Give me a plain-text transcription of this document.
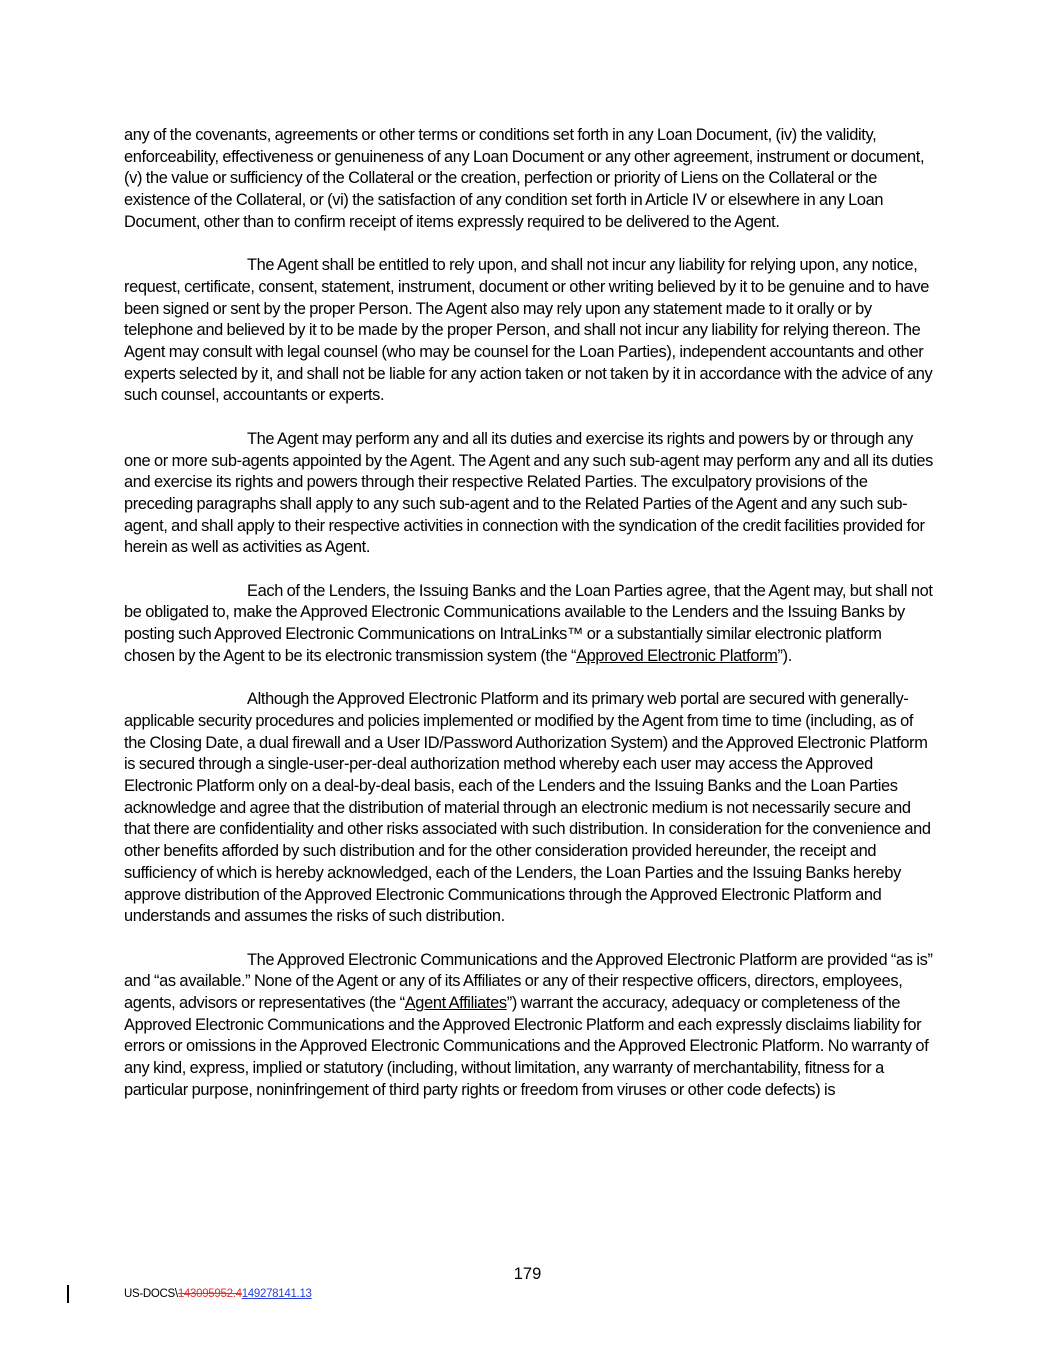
any of the covenants, agreements or other terms or conditions set forth in any Loan Document, (iv) the validity, enforceability, effectiveness or genuineness of any Loan Document or any other agreement, instrument or document, (v) the value or sufficiency of the Collateral or the creation, perfection or priority of Liens on the Collateral or the existence of the Collateral, or (vi) the satisfaction of any condition set forth in Article IV or elsewhere in any Loan Document, other than to confirm receipt of items expressly required to be delivered to the Agent.

The Agent shall be entitled to rely upon, and shall not incur any liability for relying upon, any notice, request, certificate, consent, statement, instrument, document or other writing believed by it to be genuine and to have been signed or sent by the proper Person. The Agent also may rely upon any statement made to it orally or by telephone and believed by it to be made by the proper Person, and shall not incur any liability for relying thereon. The Agent may consult with legal counsel (who may be counsel for the Loan Parties), independent accountants and other experts selected by it, and shall not be liable for any action taken or not taken by it in accordance with the advice of any such counsel, accountants or experts.

The Agent may perform any and all its duties and exercise its rights and powers by or through any one or more sub-agents appointed by the Agent. The Agent and any such sub-agent may perform any and all its duties and exercise its rights and powers through their respective Related Parties. The exculpatory provisions of the preceding paragraphs shall apply to any such sub-agent and to the Related Parties of the Agent and any such sub-agent, and shall apply to their respective activities in connection with the syndication of the credit facilities provided for herein as well as activities as Agent.

Each of the Lenders, the Issuing Banks and the Loan Parties agree, that the Agent may, but shall not be obligated to, make the Approved Electronic Communications available to the Lenders and the Issuing Banks by posting such Approved Electronic Communications on IntraLinks™ or a substantially similar electronic platform chosen by the Agent to be its electronic transmission system (the “Approved Electronic Platform”).

Although the Approved Electronic Platform and its primary web portal are secured with generally-applicable security procedures and policies implemented or modified by the Agent from time to time (including, as of the Closing Date, a dual firewall and a User ID/Password Authorization System) and the Approved Electronic Platform is secured through a single-user-per-deal authorization method whereby each user may access the Approved Electronic Platform only on a deal-by-deal basis, each of the Lenders and the Issuing Banks and the Loan Parties acknowledge and agree that the distribution of material through an electronic medium is not necessarily secure and that there are confidentiality and other risks associated with such distribution. In consideration for the convenience and other benefits afforded by such distribution and for the other consideration provided hereunder, the receipt and sufficiency of which is hereby acknowledged, each of the Lenders, the Loan Parties and the Issuing Banks hereby approve distribution of the Approved Electronic Communications through the Approved Electronic Platform and understands and assumes the risks of such distribution.

The Approved Electronic Communications and the Approved Electronic Platform are provided “as is” and “as available.” None of the Agent or any of its Affiliates or any of their respective officers, directors, employees, agents, advisors or representatives (the “Agent Affiliates”) warrant the accuracy, adequacy or completeness of the Approved Electronic Communications and the Approved Electronic Platform and each expressly disclaims liability for errors or omissions in the Approved Electronic Communications and the Approved Electronic Platform. No warranty of any kind, express, implied or statutory (including, without limitation, any warranty of merchantability, fitness for a particular purpose, noninfringement of third party rights or freedom from viruses or other code defects) is

179
US-DOCS\143095952.4149278141.13
